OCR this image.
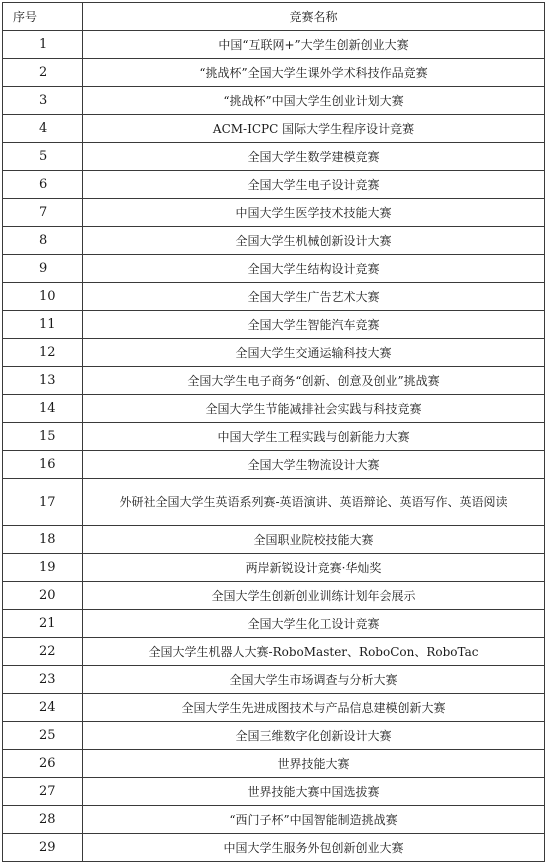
序号	竞赛名称
1	中国“互联网+”大学生创新创业大赛
2	“挑战杯”全国大学生课外学术科技作品竞赛
3	“挑战杯”中国大学生创业计划大赛
4	ACM-ICPC 国际大学生程序设计竞赛
5	全国大学生数学建模竞赛
6	全国大学生电子设计竞赛
7	中国大学生医学技术技能大赛
8	全国大学生机械创新设计大赛
9	全国大学生结构设计竞赛
10	全国大学生广告艺术大赛
11	全国大学生智能汽车竞赛
12	全国大学生交通运输科技大赛
13	全国大学生电子商务“创新、创意及创业”挑战赛
14	全国大学生节能减排社会实践与科技竞赛
15	中国大学生工程实践与创新能力大赛
16	全国大学生物流设计大赛
17	外研社全国大学生英语系列赛-英语演讲、英语辩论、英语写作、英语阅读
18	全国职业院校技能大赛
19	两岸新锐设计竞赛·华灿奖
20	全国大学生创新创业训练计划年会展示
21	全国大学生化工设计竞赛
22	全国大学生机器人大赛-RoboMaster、RoboCon、RoboTac
23	全国大学生市场调查与分析大赛
24	全国大学生先进成图技术与产品信息建模创新大赛
25	全国三维数字化创新设计大赛
26	世界技能大赛
27	世界技能大赛中国选拔赛
28	“西门子杯”中国智能制造挑战赛
29	中国大学生服务外包创新创业大赛
